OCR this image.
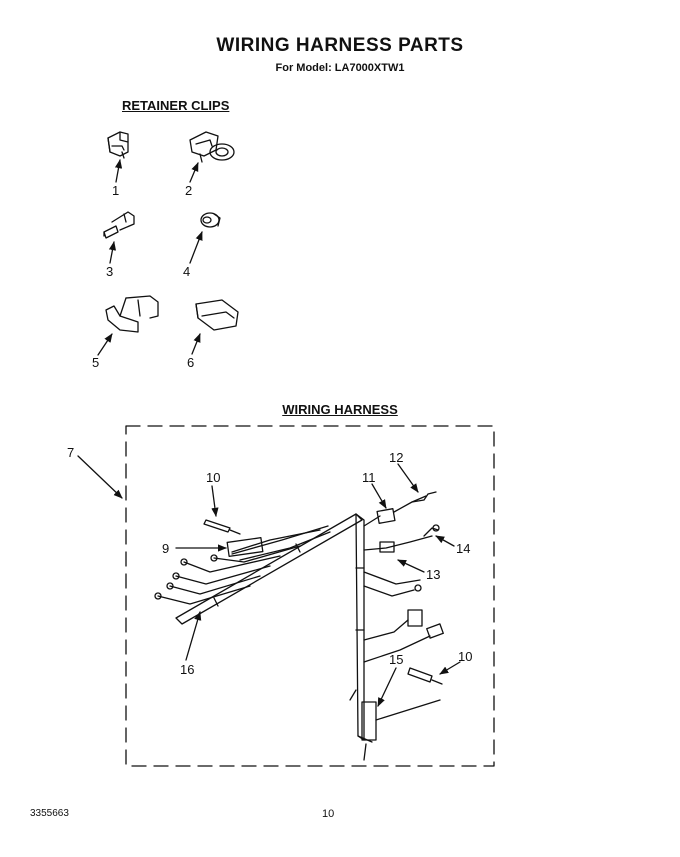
WIRING HARNESS PARTS
For Model: LA7000XTW1
RETAINER CLIPS
1	2
3	4
5	6
WIRING HARNESS
7
10
9
11
12
14
13
16
15	10
3355663	10
